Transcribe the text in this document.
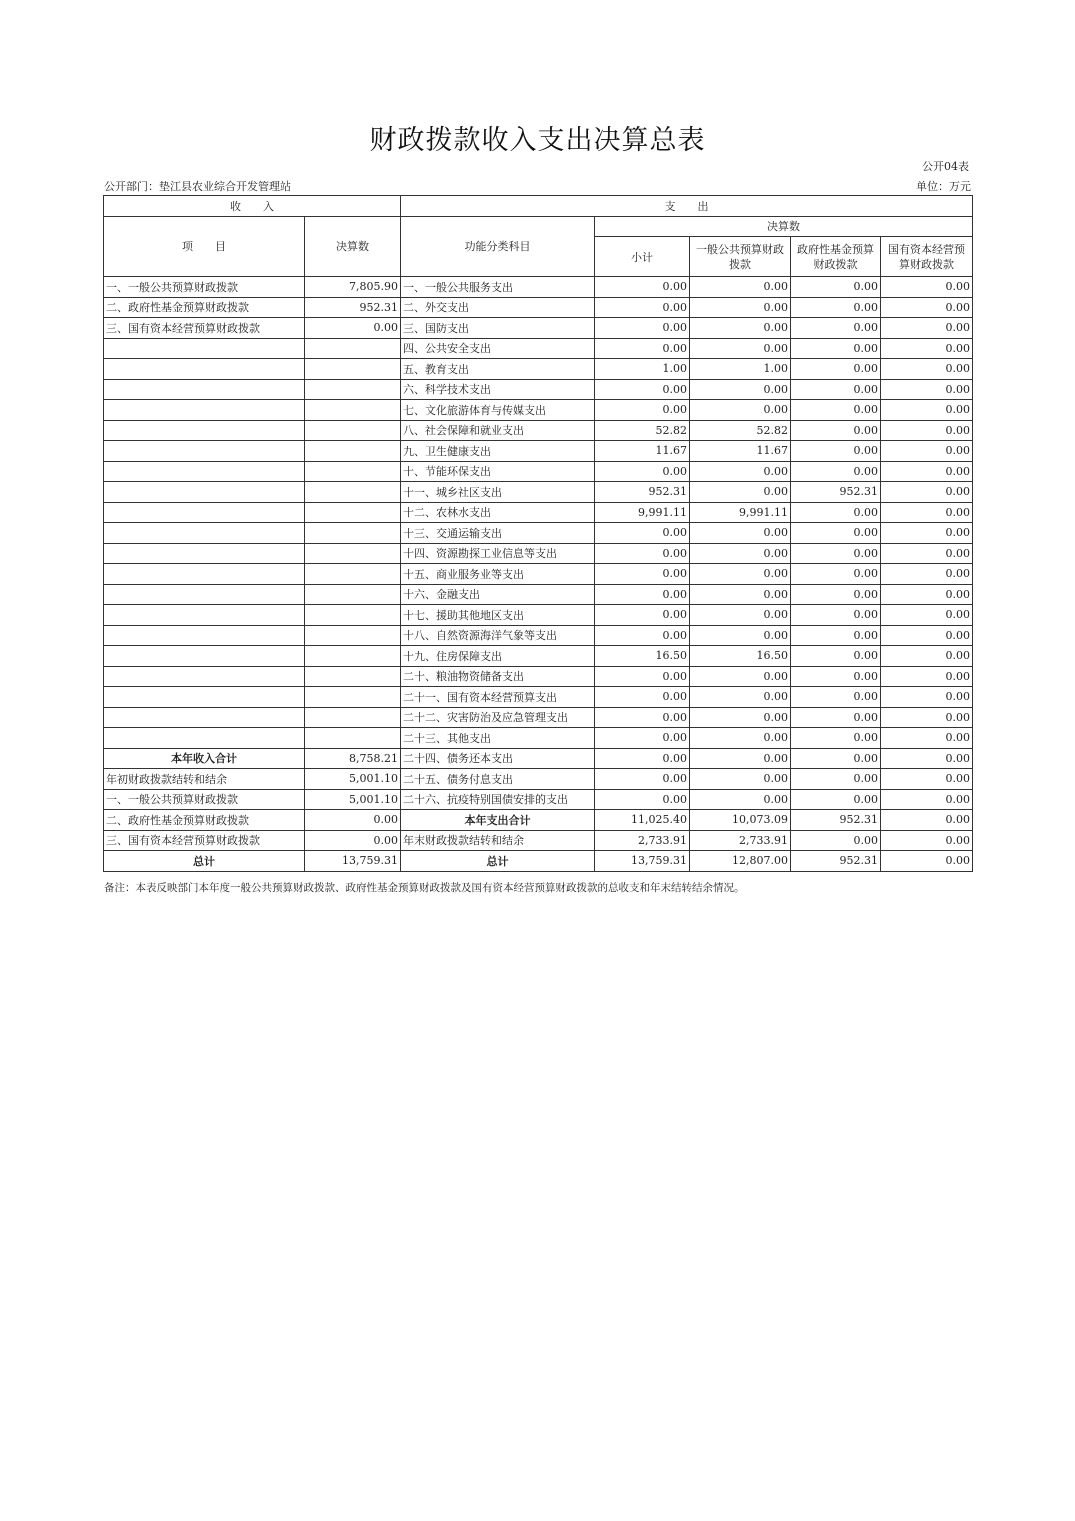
财政拨款收入支出决算总表
公开04表
公开部门：垫江县农业综合开发管理站	单位：万元
收　　入		支　　出				
项　　目	决算数	功能分类科目	决算数			
			小计	一般公共预算财政拨款	政府性基金预算财政拨款	国有资本经营预算财政拨款
一、一般公共预算财政拨款	7,805.90	一、一般公共服务支出	0.00	0.00	0.00	0.00
二、政府性基金预算财政拨款	952.31	二、外交支出	0.00	0.00	0.00	0.00
三、国有资本经营预算财政拨款	0.00	三、国防支出	0.00	0.00	0.00	0.00
		四、公共安全支出	0.00	0.00	0.00	0.00
		五、教育支出	1.00	1.00	0.00	0.00
		六、科学技术支出	0.00	0.00	0.00	0.00
		七、文化旅游体育与传媒支出	0.00	0.00	0.00	0.00
		八、社会保障和就业支出	52.82	52.82	0.00	0.00
		九、卫生健康支出	11.67	11.67	0.00	0.00
		十、节能环保支出	0.00	0.00	0.00	0.00
		十一、城乡社区支出	952.31	0.00	952.31	0.00
		十二、农林水支出	9,991.11	9,991.11	0.00	0.00
		十三、交通运输支出	0.00	0.00	0.00	0.00
		十四、资源勘探工业信息等支出	0.00	0.00	0.00	0.00
		十五、商业服务业等支出	0.00	0.00	0.00	0.00
		十六、金融支出	0.00	0.00	0.00	0.00
		十七、援助其他地区支出	0.00	0.00	0.00	0.00
		十八、自然资源海洋气象等支出	0.00	0.00	0.00	0.00
		十九、住房保障支出	16.50	16.50	0.00	0.00
		二十、粮油物资储备支出	0.00	0.00	0.00	0.00
		二十一、国有资本经营预算支出	0.00	0.00	0.00	0.00
		二十二、灾害防治及应急管理支出	0.00	0.00	0.00	0.00
		二十三、其他支出	0.00	0.00	0.00	0.00
本年收入合计	8,758.21	二十四、债务还本支出	0.00	0.00	0.00	0.00
年初财政拨款结转和结余	5,001.10	二十五、债务付息支出	0.00	0.00	0.00	0.00
一、一般公共预算财政拨款	5,001.10	二十六、抗疫特别国债安排的支出	0.00	0.00	0.00	0.00
二、政府性基金预算财政拨款	0.00	本年支出合计	11,025.40	10,073.09	952.31	0.00
三、国有资本经营预算财政拨款	0.00	年末财政拨款结转和结余	2,733.91	2,733.91	0.00	0.00
总计	13,759.31	总计	13,759.31	12,807.00	952.31	0.00
备注：本表反映部门本年度一般公共预算财政拨款、政府性基金预算财政拨款及国有资本经营预算财政拨款的总收支和年末结转结余情况。
